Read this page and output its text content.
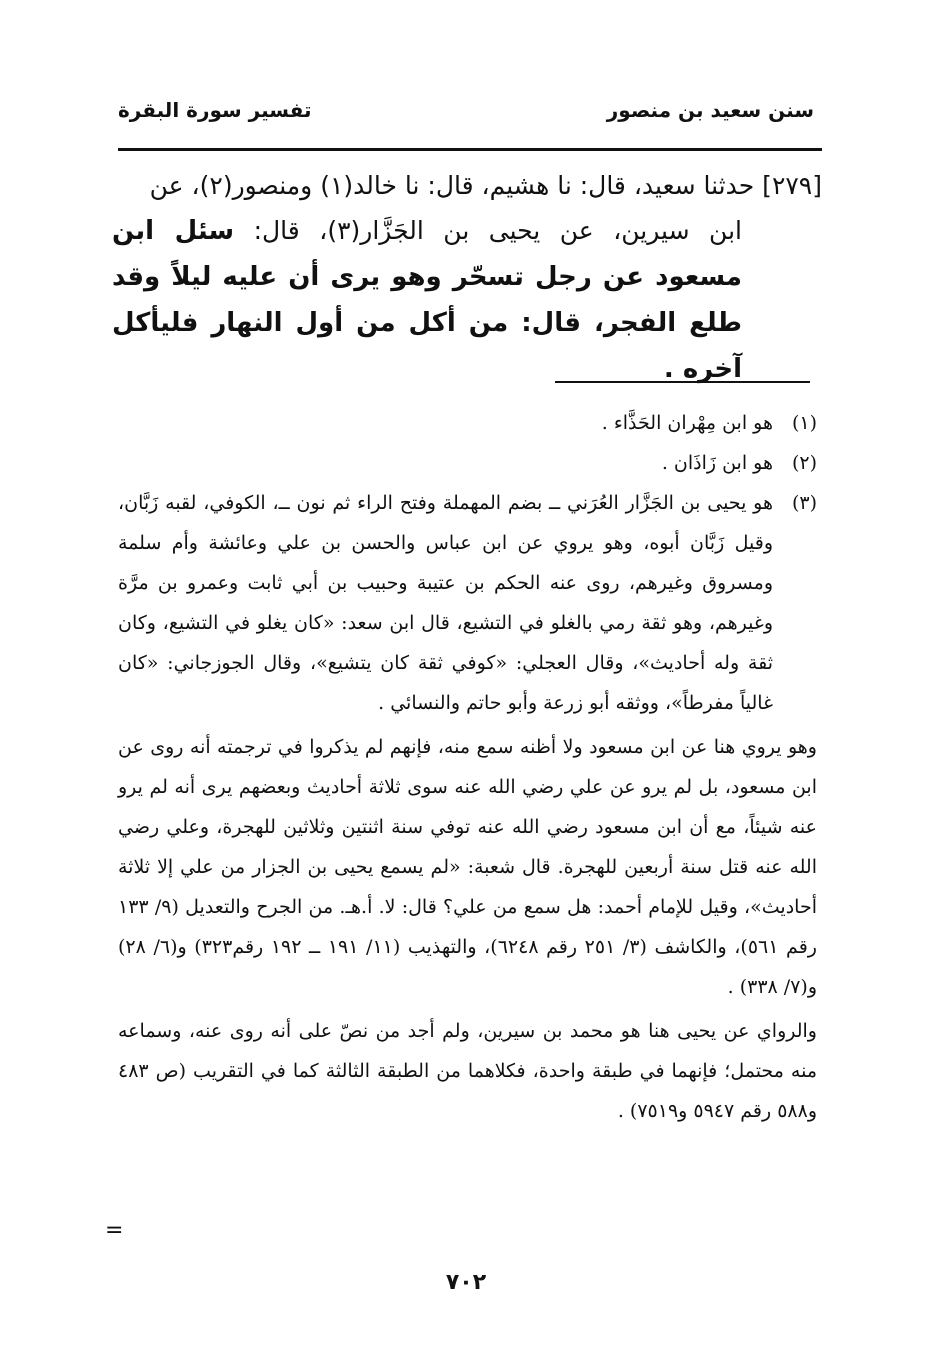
سنن سعيد بن منصور
تفسير سورة البقرة
[٢٧٩] حدثنا سعيد، قال: نا هشيم، قال: نا خالد(١) ومنصور(٢)، عن
ابن سيرين، عن يحيى بن الجَزَّار(٣)، قال: سئل ابن مسعود عن رجل تسحّر وهو يرى أن عليه ليلاً وقد طلع الفجر، قال: من أكل من أول النهار فليأكل آخره .
(١)

هو ابن مِهْران الحَذَّاء .

(٢)

هو ابن زَاذَان .

(٣)

هو يحيى بن الجَزَّار العُرَني ــ بضم المهملة وفتح الراء ثم نون ــ، الكوفي، لقبه زَبَّان، وقيل زَبَّان أبوه، وهو يروي عن ابن عباس والحسن بن علي وعائشة وأم سلمة ومسروق وغيرهم، روى عنه الحكم بن عتيبة وحبيب بن أبي ثابت وعمرو بن مرَّة وغيرهم، وهو ثقة رمي بالغلو في التشيع، قال ابن سعد: «كان يغلو في التشيع، وكان ثقة وله أحاديث»، وقال العجلي: «كوفي ثقة كان يتشيع»، وقال الجوزجاني: «كان غالياً مفرطاً»، ووثقه أبو زرعة وأبو حاتم والنسائي .

وهو يروي هنا عن ابن مسعود ولا أظنه سمع منه، فإنهم لم يذكروا في ترجمته أنه روى عن ابن مسعود، بل لم يرو عن علي رضي الله عنه سوى ثلاثة أحاديث وبعضهم يرى أنه لم يرو عنه شيئاً، مع أن ابن مسعود رضي الله عنه توفي سنة اثنتين وثلاثين للهجرة، وعلي رضي الله عنه قتل سنة أربعين للهجرة. قال شعبة: «لم يسمع يحيى بن الجزار من علي إلا ثلاثة أحاديث»، وقيل للإمام أحمد: هل سمع من علي؟ قال: لا. أ.هـ. من الجرح والتعديل (٩/ ١٣٣ رقم ٥٦١)، والكاشف (٣/ ٢٥١ رقم ٦٢٤٨)، والتهذيب (١١/ ١٩١ ــ ١٩٢ رقم٣٢٣) و(٦/ ٢٨) و(٧/ ٣٣٨) .

والرواي عن يحيى هنا هو محمد بن سيرين، ولم أجد من نصّ على أنه روى عنه، وسماعه منه محتمل؛ فإنهما في طبقة واحدة، فكلاهما من الطبقة الثالثة كما في التقريب (ص ٤٨٣ و٥٨٨ رقم ٥٩٤٧ و٧٥١٩) .

=
٧٠٢
